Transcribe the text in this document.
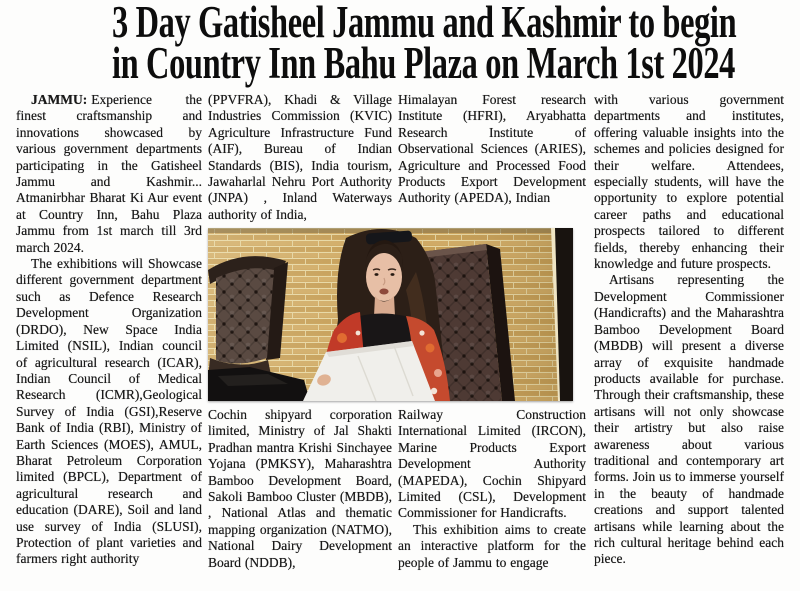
3 Day Gatisheel Jammu and Kashmir to begin
in Country Inn Bahu Plaza on March 1st 2024

JAMMU: Experience the finest craftsmanship and innovations showcased by various government departments participating in the Gatisheel Jammu and Kashmir... Atmanirbhar Bharat Ki Aur event at Country Inn, Bahu Plaza Jammu from 1st march till 3rd march 2024.

The exhibitions will Showcase different government department such as Defence Research Development Organization (DRDO), New Space India Limited (NSIL), Indian council of agricultural research (ICAR), Indian Council of Medical Research (ICMR),Geological Survey of India (GSI),Reserve Bank of India (RBI), Ministry of Earth Sciences (MOES), AMUL, Bharat Petroleum Corporation limited (BPCL), Department of agricultural research and education (DARE), Soil and land use survey of India (SLUSI), Protection of plant varieties and farmers right authority

(PPVFRA), Khadi & Village Industries Commission (KVIC) Agriculture Infrastructure Fund (AIF), Bureau of Indian Standards (BIS), India tourism, Jawaharlal Nehru Port Authority (JNPA) , Inland Waterways authority of India,

Himalayan Forest research Institute (HFRI), Aryabhatta Research Institute of Observational Sciences (ARIES), Agriculture and Processed Food Products Export Development Authority (APEDA), Indian

Cochin shipyard corporation limited, Ministry of Jal Shakti Pradhan mantra Krishi Sinchayee Yojana (PMKSY), Maharashtra Bamboo Development Board, Sakoli Bamboo Cluster (MBDB), , National Atlas and thematic mapping organization (NATMO), National Dairy Development Board (NDDB),

Railway Construction International Limited (IRCON), Marine Products Export Development Authority (MAPEDA), Cochin Shipyard Limited (CSL), Development Commissioner for Handicrafts.

This exhibition aims to create an interactive platform for the people of Jammu to engage

with various government departments and institutes, offering valuable insights into the schemes and policies designed for their welfare. Attendees, especially students, will have the opportunity to explore potential career paths and educational prospects tailored to different fields, thereby enhancing their knowledge and future prospects.

Artisans representing the Development Commissioner (Handicrafts) and the Maharashtra Bamboo Development Board (MBDB) will present a diverse array of exquisite handmade products available for purchase. Through their craftsmanship, these artisans will not only showcase their artistry but also raise awareness about various traditional and contemporary art forms. Join us to immerse yourself in the beauty of handmade creations and support talented artisans while learning about the rich cultural heritage behind each piece.
